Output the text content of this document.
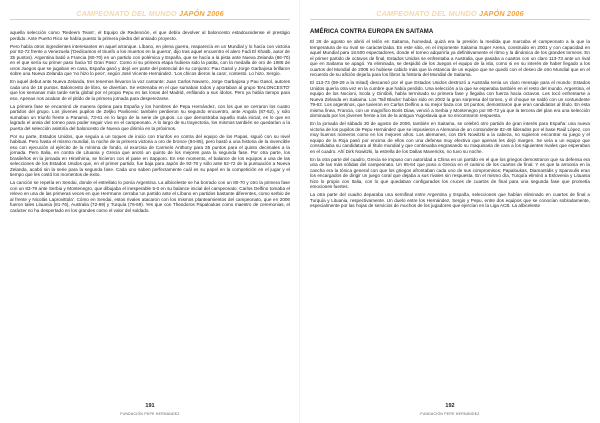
CAMPEONATO DEL MUNDO JAPÓN 2006

aquella selección como 'Redeem Team', el Equipo de Redención, el que debía devolver al baloncesto estadounidense el prestigio perdido. Ante Puerto Rico se había puesto la primera piedra del ansiado proyecto.

Pero había otros ingredientes interesantes en aquel arranque. Líbano, en plena guerra, reaparecía en un Mundial y lo hacía con victoria por 82-72 frente a Venezuela ('Dedicamos el triunfo a los muertos en la guerra', dijo tras aquel encuentro el alero Fadi El Khatib, autor de 35 puntos). Argentina batió a Francia (80-70) en un partido con polémica y España, que se hacía a la pista ante Nueva Zelanda (86-70) en el que sería su primer paso hacia 'El Gran Paso'. Como si su primera etapa hubiera sido la patita, con la medalla de oro de 1986 de unos Juegos que se jugaban en casa, España ganó y dejó ver parte del potencial de su conjunto: Pau Gasol y Jorge Garbajosa brillaron sobre una Nueva Zelanda que 'no hizo lo peor', según José Vicente Hernández. 'Los chicos dieron la cara', contestó. Lo hizo. Sergio.

En aquel debut ante Nueva Zelanda, tres tenemos llevaron la voz cantante: Juan Carlos Navarro, Jorge Garbajosa y Pau Gasol, autores cada uno de 16 puntos. Baloncesto de libro, se divertían. Se estrenaba en el que sumaban todos y aportaban al grupo 'BALONCESTO' que los semanas más tarde sería global por el propio Pepu en las lonas del Madrid, enfilando a sus ídolos. Pero ya había tiempo para eso. Apenas nos acaban de el pitido de la primera jornada para desperezarse.

La primera fase se encaminó de manera óptima para España y los hombres de Pepu Hernández, con los que se cerraron los cuatro partidos del grupo. Los jóvenes pupilos de Zeljko Pavlicevic también perdieron su segundo encuentro, ante Angola (87-62), y sólo sumaban un triunfo frente a Panamá, 73-61 en lo largo de la serie de grupos. Lo que demostraba aquella mala inicial, es lo que en lagrado el ansia del torneo para poder seguir vivo en el campeonato. A lo largo de su trayectoria, los mismos también se quedarían a la puerta del selección asistiría del baloncesto de Nueva que dirimía en la próximos.

Por su parte, Estados Unidos, que seguía a un toques de inicio con triunfos en contra del equipo de los Papas, siguió con su nivel habitual. Pero hasta el mismo mundial, la noche de la primera victoria a oro de bronce (94-85), pero bastó a una historia de la invencible eso con ejecución al ejército de la mínima de fondo, al exorcisa de Carmelo Anthony para 35 puntos para el quinto decimales a la jornada. Pero Italia, en contra de Lituania y Grecia que anotó un quinto de los mejores para la segunda fase. Por otra parte, los brasileños en la jornada en Hiroshima, se hicieron con el pase en Sapporo. En ese momento, el balance de los equipos a una de las selecciones de los Estados Unidos que, en el primer partido, fue baja para Japón de 92-78 y sólo ante 62-72 de la puntuación a Nueva Zelanda, acabó sin la serie para la segunda fase. Cada uno saben perfectamente cuál es su papel en la competición en el jugar y el tiempo que les costó los momentos de éxito.

La canción se repetía en Sendai, donde el estrellato lo ponía Argentina. La albiceleste se ha borrado con un 80-70 y otro la primera fase con un 83-79 ante Serbia y Montenegro, que dibujaba el inesperable 5-0 en su balance inicial del campeonato. Carlos Delfino tomaba el relevo en una de las primeras veces en que Herrmann cerraba 'un partido ante el Líbano en partidos bastante diferentes, como serbio de al frente y Nicolás Laprovittola'. Cómo en Sendai, estos rivales atacaron con los mismos planteamientos del campeonato, que en 2006 fueron tales Lituania (81-76), Australia (72-69) y Turquía (76-69). Yes que con Theodoros Papaloukas como maestro de ceremonias, el carácter no ha despertado en los grandes como el valor del soldado.

191
FUNDACIÓN PEPE HERNÁNDEZ
CAMPEONATO DEL MUNDO JAPÓN 2006
AMÉRICA CONTRA EUROPA EN SAITAMA

El 26 de agosto se abrió el telón en Saitama, humedad, quizá era la presión la medida que marcaba el campeonato a la que la temperatura de su rival se caracterizaba. En este sitio, en el imponente Saitama Super Arena, construido en 2001 y con capacidad en aquel Mundial para 18.500 espectadores, donde el torneo adquiriría ya definitivamente el ritmo y la dinámica de los grandes torneos. En el primer partido de octavos de final, Estados Unidos se enfrentaba a Australia, que pasaba a cuartos con un claro 113-73 ante un rival que en Saitama se apagó. Ya eliminada, se despidió de los Juegos el equipo de la isla, como si en su interés de haber llegado a los cuartos del Mundial de 2006 no hubiese cabido más que la estancia de un equipo que se quedó con el deseo de otro Mundial que en el recuerdo de su afición dejaría para los libros la historia del Mundial de Saitama.

El 113-73 (59-29 a la mitad) descansó por el que Estados Unidos destrozó a Australia tenía un claro mensaje para el mundo: Estados Unidos quería otra vez en la cumbre que había perdido. Una selección a la que se esperaba también en el resto del mundo. Argentina, el equipo de los Nocioni, Scola y Ginóbili, había terminado su primera fase y llegaba con fuerza hacia octavos. Les tocó enfrentarse a Nueva Zelanda en Saitama. Los 'Tall Blacks' habían sido en 2002 la gran sorpresa del torneo, y el choque se saldó con un contundente 79-62. Los argentinos, que tuvieron en Carlos Delfino a su mejor baza con 18 puntos, demostraron que eran candidatos al título. En esta misma línea, Francia, con un magnífico Boris Diaw, venció a Serbia y Montenegro por 80-72 ya que la tercera del plan era una selección dominada por los jóvenes frente a los de la antigua Yugoslavia que no encontraron respuesta.

En la jornada del sábado 30 de agosto de 2006, también en Saitama, se celebró otro partido de gran interés para España: una nueva victoria de los pupilos de Pepu Hernández que se impusieron a Alemania de un contundente 82-49 liderados por el base Raúl López, con muy buenos números como en los mejores años. Los alemanes, con Dirk Nowitzki a la cabeza, no supieron encontrar su juego y el equipo de la Roja pasó por encima de ellos con una defensa muy efectiva que apenas les dejó margen. Se veía a un equipo que consolidaba su candidatura al título mundial y que continuaba engrasando su maquinaria de cara a los siguientes rivales que esperaban en el cuadro. Ahí Dirk Nowitzki, la estrella de los Dallas Mavericks, no tuvo su noche.

En la otra parte del cuadro, Grecia se impuso con autoridad a China en un partido en el que los griegos demostraron que su defensa era una de las más sólidas del campeonato. Un 95-64 que puso a Grecia en el camino de los cuartos de final. Y es que la armonía en la cancha era la tónica general con que los griegos afrontaban cada uno de sus compromisos; Papaloukas, Diamantidis y Spanoulis eran los encargados de dirigir un juego coral que dejaba a sus rivales sin respuesta. En el mismo día, Turquía eliminó a Eslovenia y Lituania hizo lo propio con Italia, con lo que quedaban configurados los cruces de cuartos de final para una segunda fase que prometía emociones fuertes.

La otra parte del cuadro deparaba una semifinal entre Argentina y España, selecciones que habían eliminado en cuartos de final a Turquía y Lituania, respectivamente. Un duelo entre los Hernández, Sergio y Pepu, entre dos equipos que se conocían sobradamente, especialmente por las hojas de servicios de muchos de los jugadores que ejercían en la Liga ACB. La albiceleste

192
FUNDACIÓN PEPE HERNÁNDEZ
